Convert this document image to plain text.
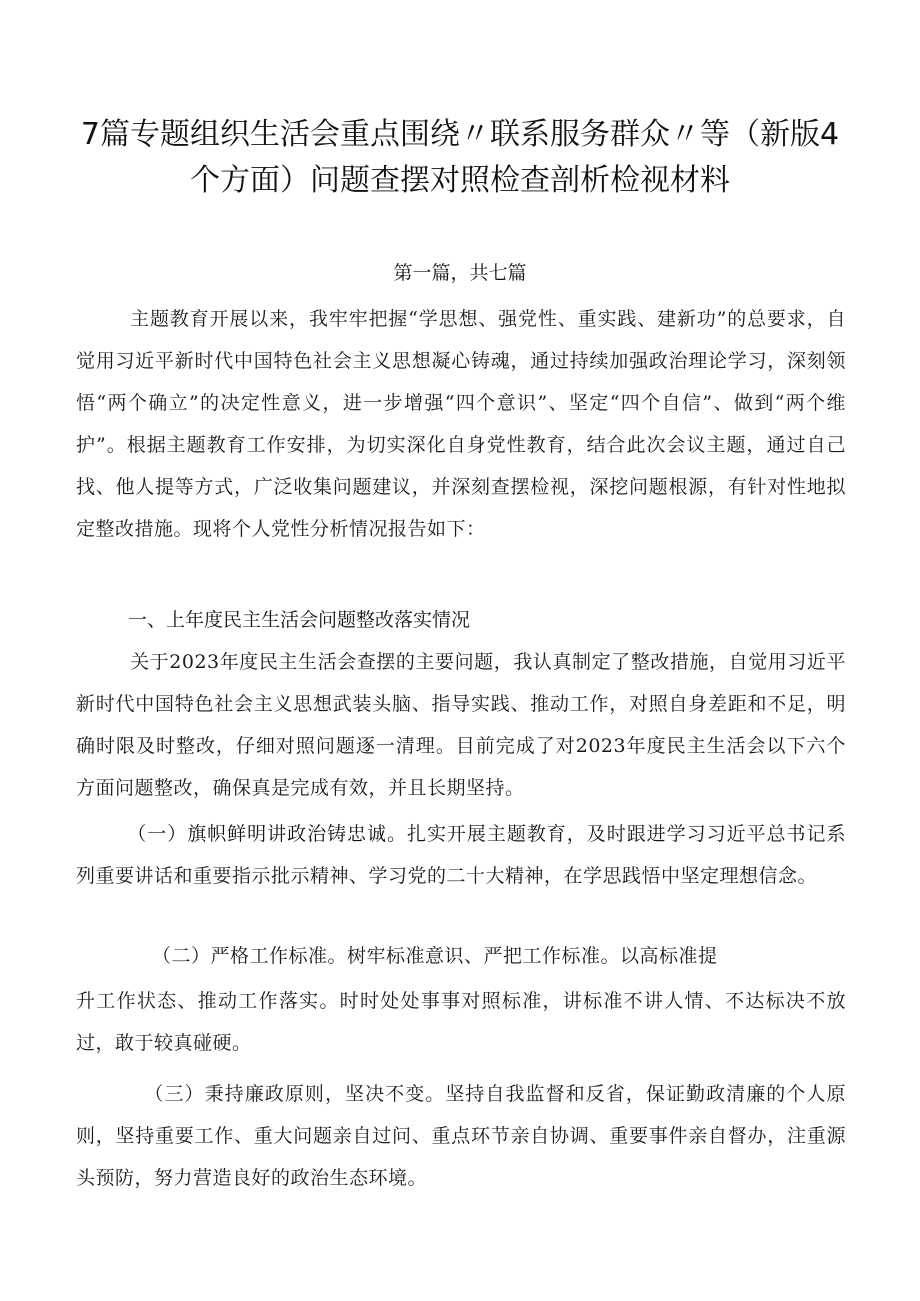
7篇专题组织生活会重点围绕〃联系服务群众〃等（新版4个方面）问题查摆对照检查剖析检视材料
第一篇，共七篇
主题教育开展以来，我牢牢把握“学思想、强党性、重实践、建新功”的总要求，自觉用习近平新时代中国特色社会主义思想凝心铸魂，通过持续加强政治理论学习，深刻领悟“两个确立”的决定性意义，进一步增强“四个意识”、坚定“四个自信”、做到“两个维护”。根据主题教育工作安排，为切实深化自身党性教育，结合此次会议主题，通过自己找、他人提等方式，广泛收集问题建议，并深刻查摆检视，深挖问题根源，有针对性地拟定整改措施。现将个人党性分析情况报告如下：
一、上年度民主生活会问题整改落实情况
关于2023年度民主生活会查摆的主要问题，我认真制定了整改措施，自觉用习近平新时代中国特色社会主义思想武装头脑、指导实践、推动工作，对照自身差距和不足，明确时限及时整改，仔细对照问题逐一清理。目前完成了对2023年度民主生活会以下六个方面问题整改，确保真是完成有效，并且长期坚持。
（一）旗帜鲜明讲政治铸忠诚。扎实开展主题教育，及时跟进学习习近平总书记系列重要讲话和重要指示批示精神、学习党的二十大精神，在学思践悟中坚定理想信念。
（二）严格工作标准。树牢标准意识、严把工作标准。以高标准提
升工作状态、推动工作落实。时时处处事事对照标准，讲标准不讲人情、不达标决不放过，敢于较真碰硬。
（三）秉持廉政原则，坚决不变。坚持自我监督和反省，保证勤政清廉的个人原则，坚持重要工作、重大问题亲自过问、重点环节亲自协调、重要事件亲自督办，注重源头预防，努力营造良好的政治生态环境。
